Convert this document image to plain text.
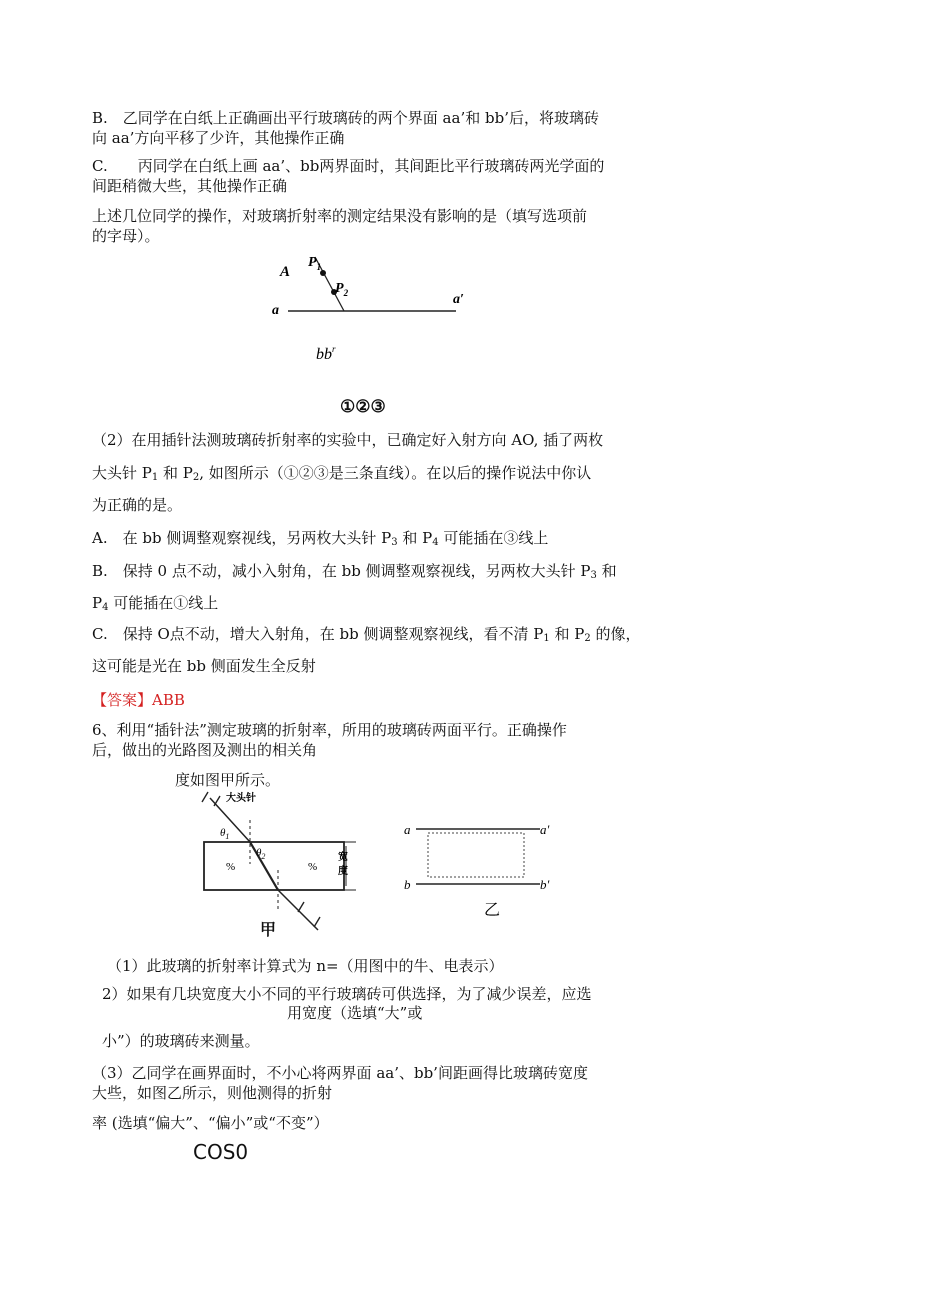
B.　乙同学在白纸上正确画出平行玻璃砖的两个界面 aa’和 bb’后，将玻璃砖
向 aa’方向平移了少许，其他操作正确
C.　　丙同学在白纸上画 aa’、bb两界面时，其间距比平行玻璃砖两光学面的
间距稍微大些，其他操作正确
上述几位同学的操作，对玻璃折射率的测定结果没有影响的是（填写选项前
的字母）。
A
$P_1$
$P_2$
a
a′
$bb^r$
①②③
（2）在用插针法测玻璃砖折射率的实验中，已确定好入射方向 AO, 插了两枚
大头针 $P_1$ 和 $P_2$, 如图所示（①②③是三条直线）。在以后的操作说法中你认
为正确的是。
A.　在 bb 侧调整观察视线，另两枚大头针 $P_3$ 和 $P_4$ 可能插在③线上
B.　保持 0 点不动，减小入射角，在 bb 侧调整观察视线，另两枚大头针 $P_3$ 和
$P_4$ 可能插在①线上
C.　保持 O点不动，增大入射角，在 bb 侧调整观察视线，看不清 $P_1$ 和 $P_2$ 的像，
这可能是光在 bb 侧面发生全反射
【答案】ABB
6、利用“插针法”测定玻璃的折射率，所用的玻璃砖两面平行。正确操作
后，做出的光路图及测出的相关角
度如图甲所示。
%	%
宽
度
大头针
$\theta_1$
$\theta_2$
甲
a	a′
b	b′
乙
（1）此玻璃的折射率计算式为 n=（用图中的牛、电表示）
2）如果有几块宽度大小不同的平行玻璃砖可供选择，为了减少误差，应选
用宽度（选填“大”或
小”）的玻璃砖来测量。
（3）乙同学在画界面时，不小心将两界面 aa’、bb’间距画得比玻璃砖宽度
大些，如图乙所示，则他测得的折射
率 (选填“偏大”、“偏小”或“不变”）
COS0
